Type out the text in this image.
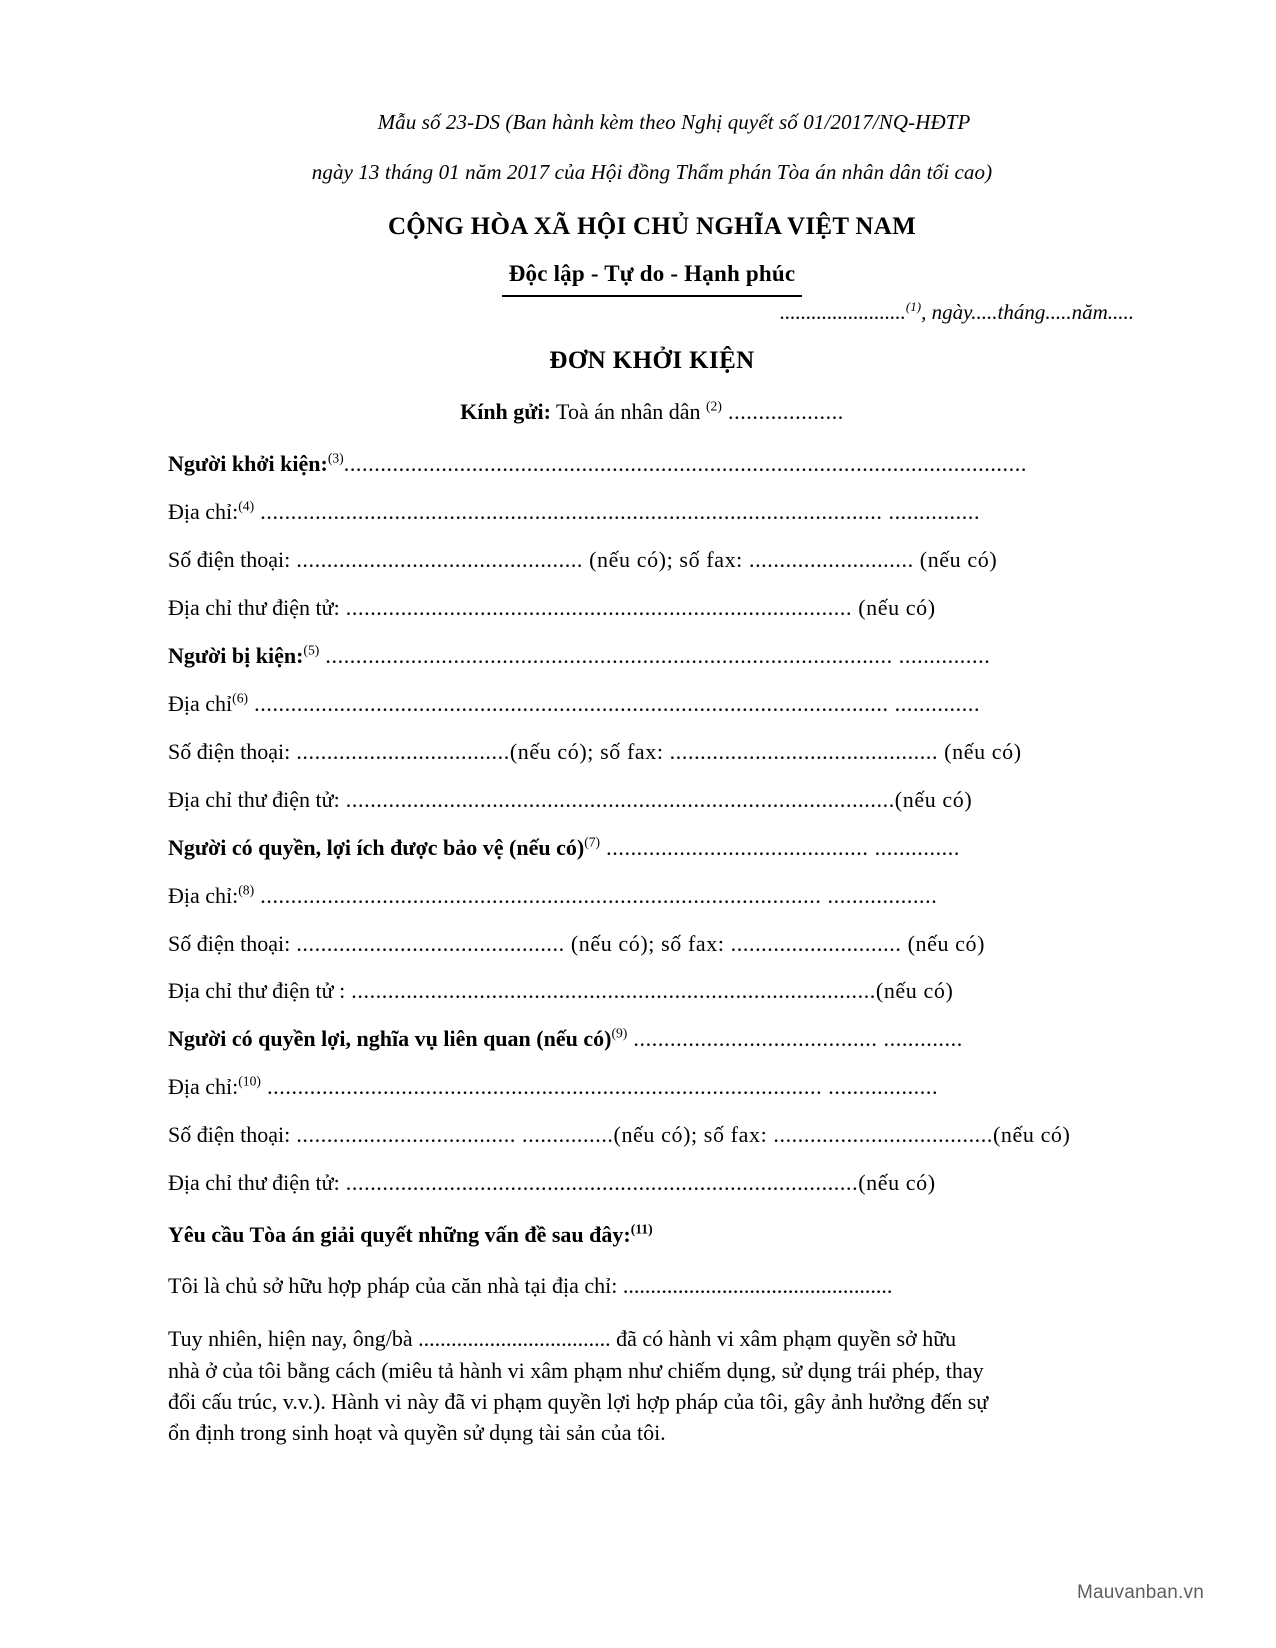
Mẫu số 23-DS (Ban hành kèm theo Nghị quyết số 01/2017/NQ-HĐTP
ngày 13 tháng 01 năm 2017 của Hội đồng Thẩm phán Tòa án nhân dân tối cao)
CỘNG HÒA XÃ HỘI CHỦ NGHĨA VIỆT NAM
Độc lập - Tự do - Hạnh phúc
........................$^{(1)}$, ngày.....tháng.....năm.....
ĐƠN KHỞI KIỆN
Kính gửi: Toà án nhân dân $^{(2)}$ ...................
Người khởi kiện:$^{(3)}$................................................................................................................
Địa chỉ:$^{(4)}$ ...................................................................................................... ...............
Số điện thoại: ............................................... (nếu có); số fax: ........................... (nếu có)
Địa chỉ thư điện tử: ................................................................................... (nếu có)
Người bị kiện:$^{(5)}$ ............................................................................................. ...............
Địa chỉ$^{(6)}$ ........................................................................................................ ..............
Số điện thoại: ...................................(nếu có); số fax: ............................................ (nếu có)
Địa chỉ thư điện tử: ..........................................................................................(nếu có)
Người có quyền, lợi ích được bảo vệ (nếu có)$^{(7)}$ ........................................... ..............
Địa chỉ:$^{(8)}$ ............................................................................................ ..................
Số điện thoại: ............................................ (nếu có); số fax: ............................ (nếu có)
Địa chỉ thư điện tử : ......................................................................................(nếu có)
Người có quyền lợi, nghĩa vụ liên quan (nếu có)$^{(9)}$ ........................................ .............
Địa chỉ:$^{(10)}$ ........................................................................................... ..................
Số điện thoại: .................................... ...............(nếu có); số fax: ....................................(nếu có)
Địa chỉ thư điện tử: ....................................................................................(nếu có)
Yêu cầu Tòa án giải quyết những vấn đề sau đây:$^{(11)}$
Tôi là chủ sở hữu hợp pháp của căn nhà tại địa chỉ: .................................................
Tuy nhiên, hiện nay, ông/bà ................................... đã có hành vi xâm phạm quyền sở hữu
nhà ở của tôi bằng cách (miêu tả hành vi xâm phạm như chiếm dụng, sử dụng trái phép, thay
đổi cấu trúc, v.v.). Hành vi này đã vi phạm quyền lợi hợp pháp của tôi, gây ảnh hưởng đến sự
ổn định trong sinh hoạt và quyền sử dụng tài sản của tôi.
Mauvanban.vn
